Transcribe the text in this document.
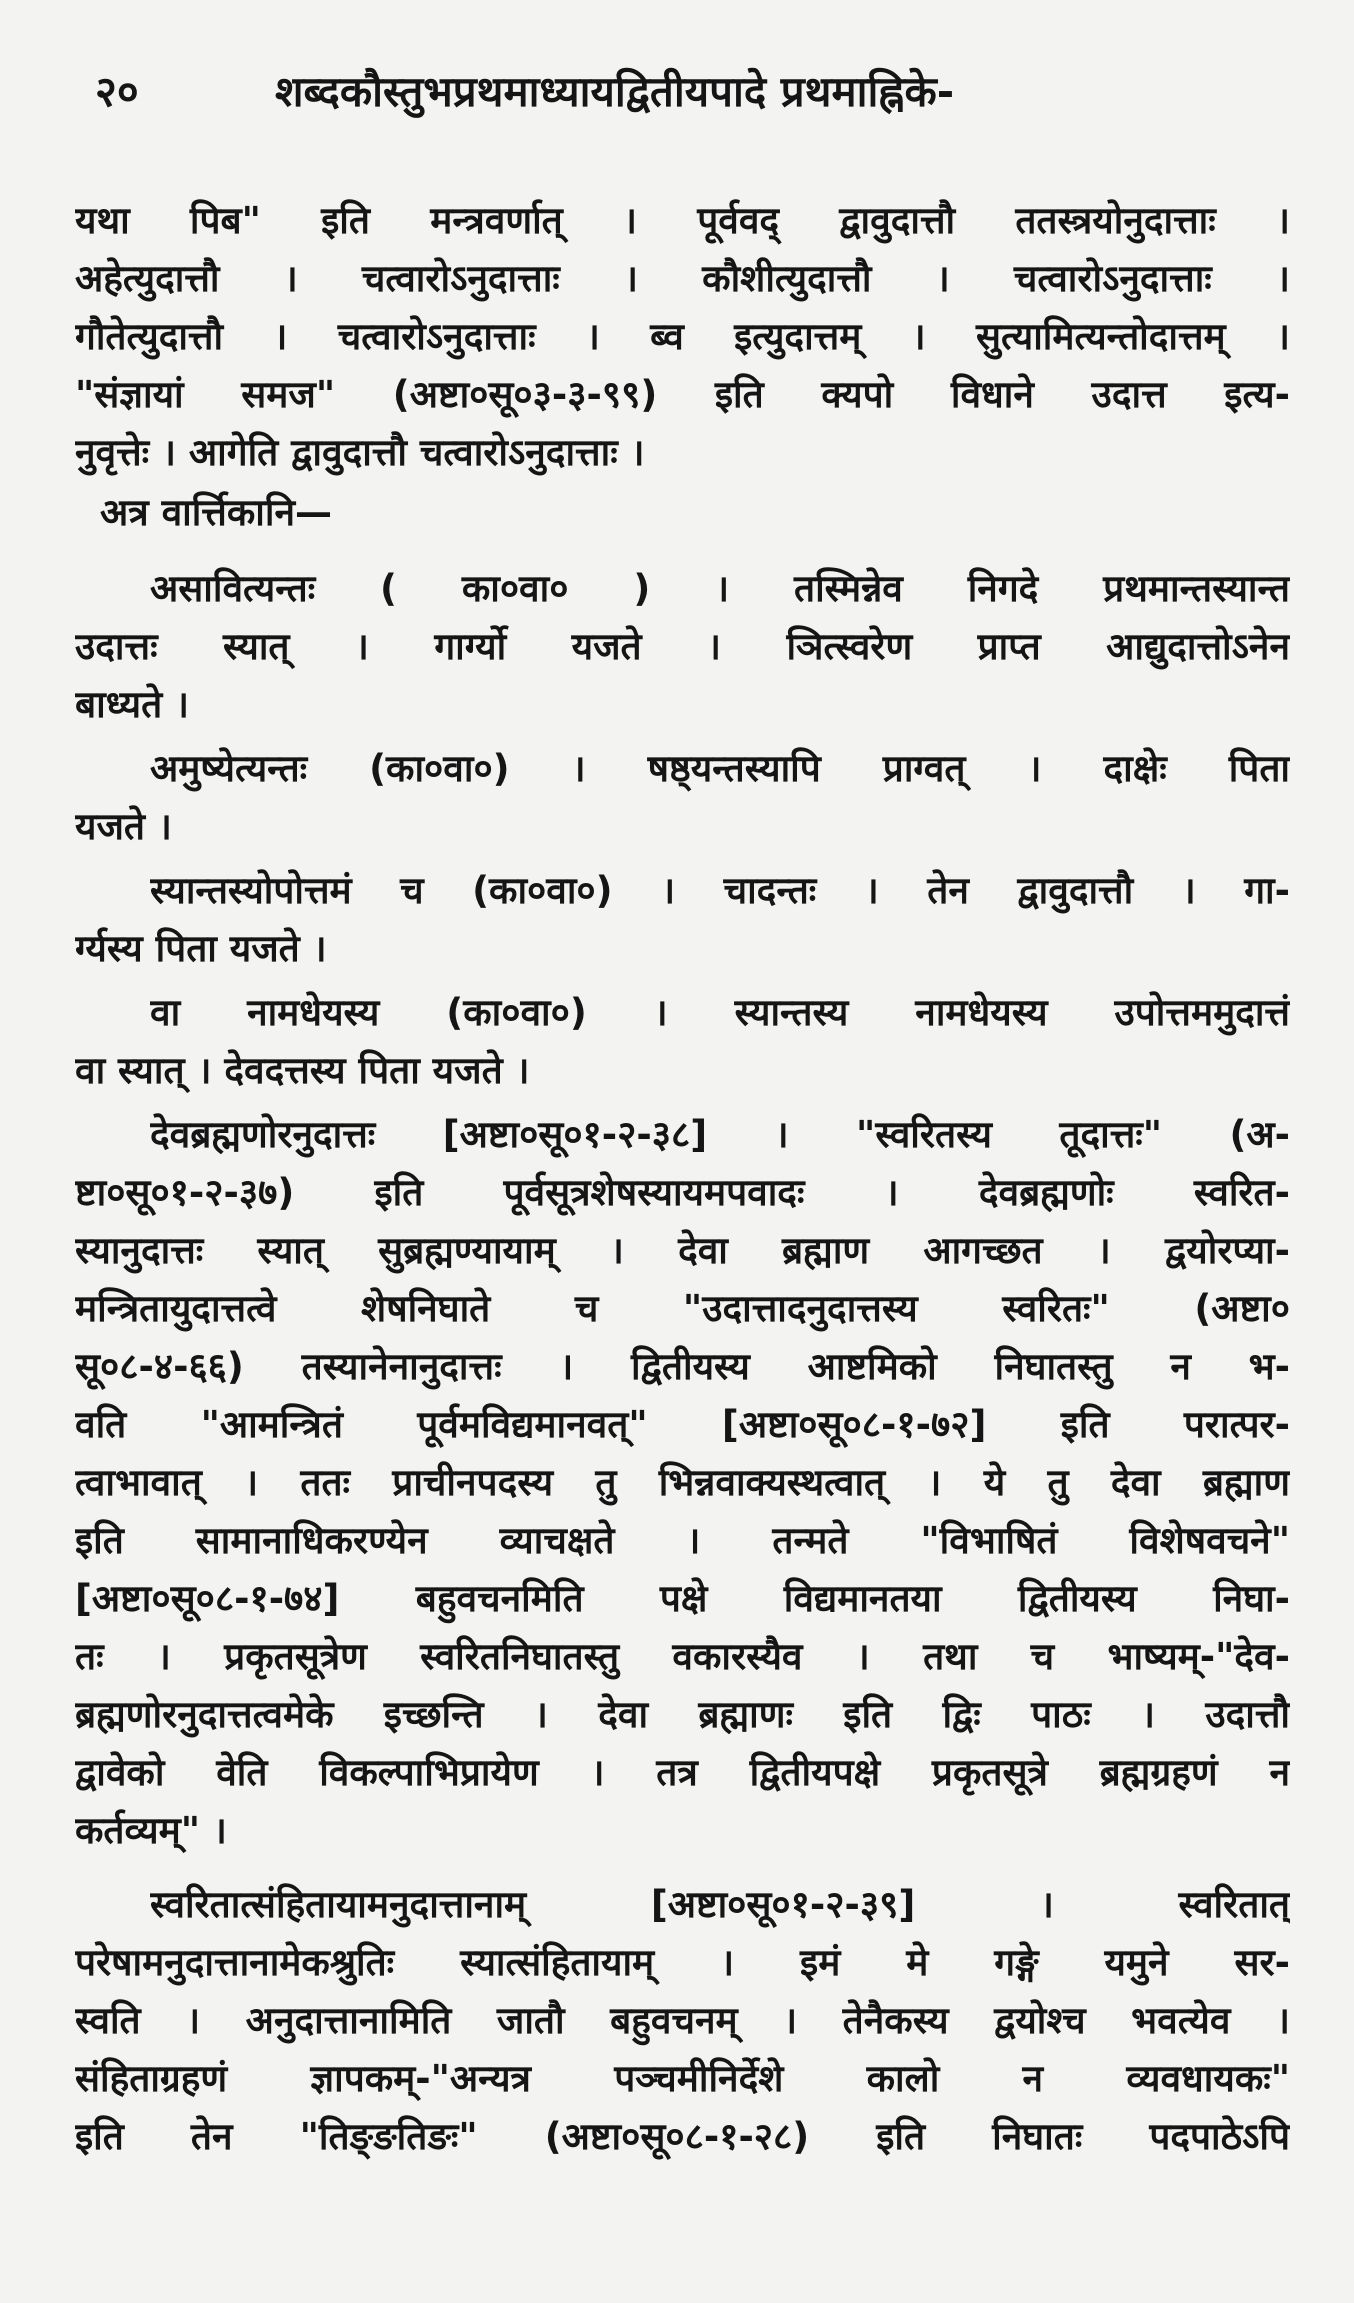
२०	शब्दकौस्तुभप्रथमाध्यायद्वितीयपादे प्रथमाह्निके-
यथा पिब" इति मन्त्रवर्णात् । पूर्ववद् द्वावुदात्तौ ततस्त्रयोनुदात्ताः ।
अहेत्युदात्तौ । चत्वारोऽनुदात्ताः । कौशीत्युदात्तौ । चत्वारोऽनुदात्ताः ।
गौतेत्युदात्तौ । चत्वारोऽनुदात्ताः । ब्व इत्युदात्तम् । सुत्यामित्यन्तोदात्तम् ।
"संज्ञायां समज" (अष्टा०सू०३-३-९९) इति क्यपो विधाने उदात्त इत्य-
नुवृत्तेः । आगेति द्वावुदात्तौ चत्वारोऽनुदात्ताः ।
अत्र वार्त्तिकानि—
असावित्यन्तः ( का०वा० ) । तस्मिन्नेव निगदे प्रथमान्तस्यान्त
उदात्तः स्यात् । गार्ग्यो यजते । ञित्स्वरेण प्राप्त आद्युदात्तोऽनेन
बाध्यते ।
अमुष्येत्यन्तः (का०वा०) । षष्ठ्यन्तस्यापि प्राग्वत् । दाक्षेः पिता
यजते ।
स्यान्तस्योपोत्तमं च (का०वा०) । चादन्तः । तेन द्वावुदात्तौ । गा-
र्ग्यस्य पिता यजते ।
वा नामधेयस्य (का०वा०) । स्यान्तस्य नामधेयस्य उपोत्तममुदात्तं
वा स्यात् । देवदत्तस्य पिता यजते ।
देवब्रह्मणोरनुदात्तः [अष्टा०सू०१-२-३८] । "स्वरितस्य तूदात्तः" (अ-
ष्टा०सू०१-२-३७) इति पूर्वसूत्रशेषस्यायमपवादः । देवब्रह्मणोः स्वरित-
स्यानुदात्तः स्यात् सुब्रह्मण्यायाम् । देवा ब्रह्माण आगच्छत । द्वयोरप्या-
मन्त्रितायुदात्तत्वे शेषनिघाते च "उदात्तादनुदात्तस्य स्वरितः" (अष्टा०
सू०८-४-६६) तस्यानेनानुदात्तः । द्वितीयस्य आष्टमिको निघातस्तु न भ-
वति "आमन्त्रितं पूर्वमविद्यमानवत्" [अष्टा०सू०८-१-७२] इति परात्पर-
त्वाभावात् । ततः प्राचीनपदस्य तु भिन्नवाक्यस्थत्वात् । ये तु देवा ब्रह्माण
इति सामानाधिकरण्येन व्याचक्षते । तन्मते "विभाषितं विशेषवचने"
[अष्टा०सू०८-१-७४] बहुवचनमिति पक्षे विद्यमानतया द्वितीयस्य निघा-
तः । प्रकृतसूत्रेण स्वरितनिघातस्तु वकारस्यैव । तथा च भाष्यम्-"देव-
ब्रह्मणोरनुदात्तत्वमेके इच्छन्ति । देवा ब्रह्माणः इति द्विः पाठः । उदात्तौ
द्वावेको वेति विकल्पाभिप्रायेण । तत्र द्वितीयपक्षे प्रकृतसूत्रे ब्रह्मग्रहणं न
कर्तव्यम्" ।
स्वरितात्संहितायामनुदात्तानाम् [अष्टा०सू०१-२-३९] । स्वरितात्
परेषामनुदात्तानामेकश्रुतिः स्यात्संहितायाम् । इमं मे गङ्गे यमुने सर-
स्वति । अनुदात्तानामिति जातौ बहुवचनम् । तेनैकस्य द्वयोश्च भवत्येव ।
संहिताग्रहणं ज्ञापकम्-"अन्यत्र पञ्चमीनिर्देशे कालो न व्यवधायकः"
इति तेन "तिङ्ङतिङः" (अष्टा०सू०८-१-२८) इति निघातः पदपाठेऽपि
